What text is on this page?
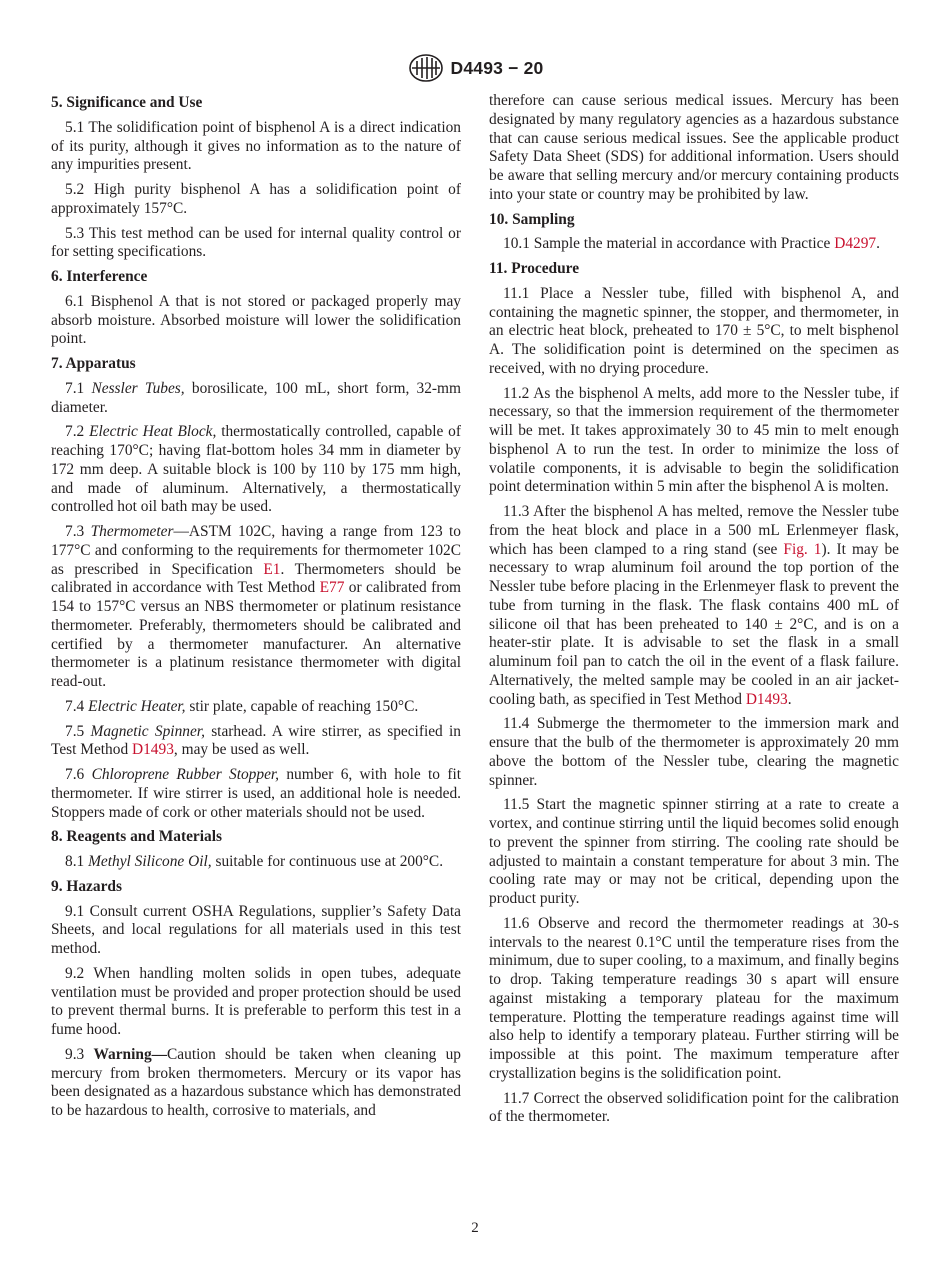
D4493 − 20
5. Significance and Use

5.1 The solidification point of bisphenol A is a direct indication of its purity, although it gives no information as to the nature of any impurities present.

5.2 High purity bisphenol A has a solidification point of approximately 157°C.

5.3 This test method can be used for internal quality control or for setting specifications.

6. Interference

6.1 Bisphenol A that is not stored or packaged properly may absorb moisture. Absorbed moisture will lower the solidification point.

7. Apparatus

7.1 Nessler Tubes, borosilicate, 100 mL, short form, 32-mm diameter.

7.2 Electric Heat Block, thermostatically controlled, capable of reaching 170°C; having flat-bottom holes 34 mm in diameter by 172 mm deep. A suitable block is 100 by 110 by 175 mm high, and made of aluminum. Alternatively, a thermostatically controlled hot oil bath may be used.

7.3 Thermometer—ASTM 102C, having a range from 123 to 177°C and conforming to the requirements for thermometer 102C as prescribed in Specification E1. Thermometers should be calibrated in accordance with Test Method E77 or calibrated from 154 to 157°C versus an NBS thermometer or platinum resistance thermometer. Preferably, thermometers should be calibrated and certified by a thermometer manufacturer. An alternative thermometer is a platinum resistance thermometer with digital read-out.

7.4 Electric Heater, stir plate, capable of reaching 150°C.

7.5 Magnetic Spinner, starhead. A wire stirrer, as specified in Test Method D1493, may be used as well.

7.6 Chloroprene Rubber Stopper, number 6, with hole to fit thermometer. If wire stirrer is used, an additional hole is needed. Stoppers made of cork or other materials should not be used.

8. Reagents and Materials

8.1 Methyl Silicone Oil, suitable for continuous use at 200°C.

9. Hazards

9.1 Consult current OSHA Regulations, supplier’s Safety Data Sheets, and local regulations for all materials used in this test method.

9.2 When handling molten solids in open tubes, adequate ventilation must be provided and proper protection should be used to prevent thermal burns. It is preferable to perform this test in a fume hood.

9.3 Warning—Caution should be taken when cleaning up mercury from broken thermometers. Mercury or its vapor has been designated as a hazardous substance which has demonstrated to be hazardous to health, corrosive to materials, and

therefore can cause serious medical issues. Mercury has been designated by many regulatory agencies as a hazardous substance that can cause serious medical issues. See the applicable product Safety Data Sheet (SDS) for additional information. Users should be aware that selling mercury and/or mercury containing products into your state or country may be prohibited by law.

10. Sampling

10.1 Sample the material in accordance with Practice D4297.

11. Procedure

11.1 Place a Nessler tube, filled with bisphenol A, and containing the magnetic spinner, the stopper, and thermometer, in an electric heat block, preheated to 170 ± 5°C, to melt bisphenol A. The solidification point is determined on the specimen as received, with no drying procedure.

11.2 As the bisphenol A melts, add more to the Nessler tube, if necessary, so that the immersion requirement of the thermometer will be met. It takes approximately 30 to 45 min to melt enough bisphenol A to run the test. In order to minimize the loss of volatile components, it is advisable to begin the solidification point determination within 5 min after the bisphenol A is molten.

11.3 After the bisphenol A has melted, remove the Nessler tube from the heat block and place in a 500 mL Erlenmeyer flask, which has been clamped to a ring stand (see Fig. 1). It may be necessary to wrap aluminum foil around the top portion of the Nessler tube before placing in the Erlenmeyer flask to prevent the tube from turning in the flask. The flask contains 400 mL of silicone oil that has been preheated to 140 ± 2°C, and is on a heater-stir plate. It is advisable to set the flask in a small aluminum foil pan to catch the oil in the event of a flask failure. Alternatively, the melted sample may be cooled in an air jacket-cooling bath, as specified in Test Method D1493.

11.4 Submerge the thermometer to the immersion mark and ensure that the bulb of the thermometer is approximately 20 mm above the bottom of the Nessler tube, clearing the magnetic spinner.

11.5 Start the magnetic spinner stirring at a rate to create a vortex, and continue stirring until the liquid becomes solid enough to prevent the spinner from stirring. The cooling rate should be adjusted to maintain a constant temperature for about 3 min. The cooling rate may or may not be critical, depending upon the product purity.

11.6 Observe and record the thermometer readings at 30-s intervals to the nearest 0.1°C until the temperature rises from the minimum, due to super cooling, to a maximum, and finally begins to drop. Taking temperature readings 30 s apart will ensure against mistaking a temporary plateau for the maximum temperature. Plotting the temperature readings against time will also help to identify a temporary plateau. Further stirring will be impossible at this point. The maximum temperature after crystallization begins is the solidification point.

11.7 Correct the observed solidification point for the calibration of the thermometer.

2
